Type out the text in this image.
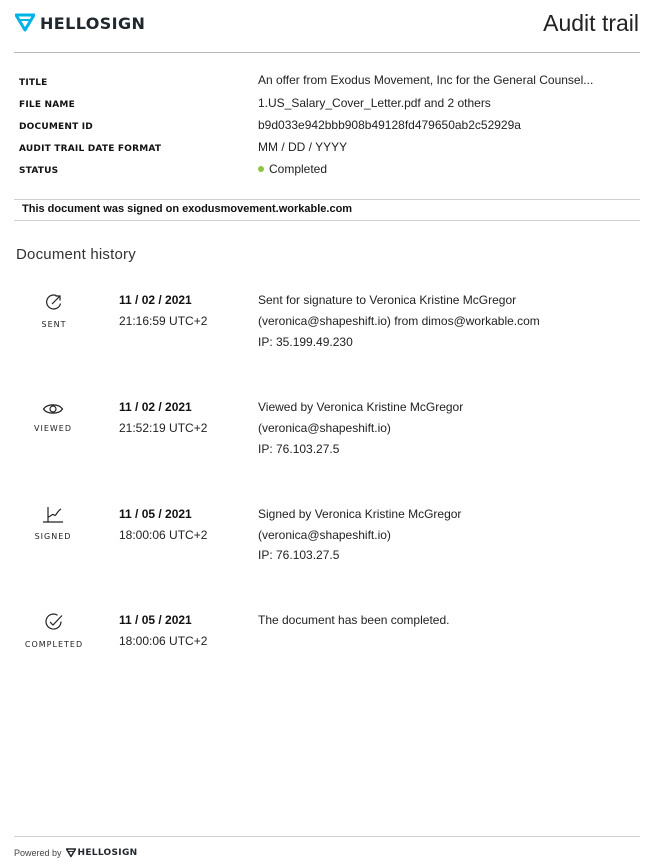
HELLOSIGN	Audit trail
TITLE	An offer from Exodus Movement, Inc for the General Counsel...
FILE NAME	1.US_Salary_Cover_Letter.pdf and 2 others
DOCUMENT ID	b9d033e942bbb908b49128fd479650ab2c52929a
AUDIT TRAIL DATE FORMAT	MM / DD / YYYY
STATUS	Completed
This document was signed on exodusmovement.workable.com
Document history
SENT
11 / 02 / 2021
21:16:59 UTC+2
Sent for signature to Veronica Kristine McGregor
(veronica@shapeshift.io) from dimos@workable.com
IP: 35.199.49.230
VIEWED
11 / 02 / 2021
21:52:19 UTC+2
Viewed by Veronica Kristine McGregor
(veronica@shapeshift.io)
IP: 76.103.27.5
SIGNED
11 / 05 / 2021
18:00:06 UTC+2
Signed by Veronica Kristine McGregor
(veronica@shapeshift.io)
IP: 76.103.27.5
COMPLETED
11 / 05 / 2021
18:00:06 UTC+2
The document has been completed.
Powered by HELLOSIGN
